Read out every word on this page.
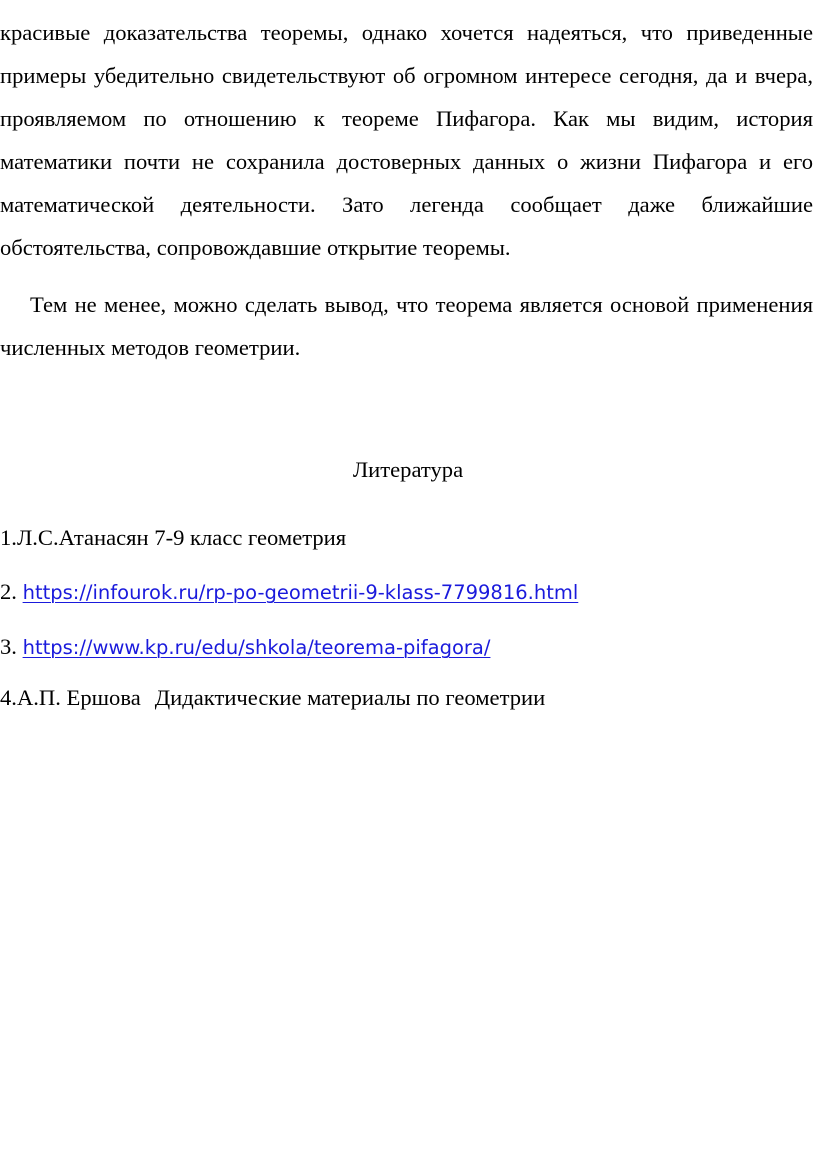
красивые доказательства теоремы, однако хочется надеяться, что приведенные примеры убедительно свидетельствуют об огромном интересе сегодня, да и вчера, проявляемом по отношению к теореме Пифагора. Как мы видим, история математики почти не сохранила достоверных данных о жизни Пифагора и его математической деятельности. Зато легенда сообщает даже ближайшие обстоятельства, сопровождавшие открытие теоремы.

Тем не менее, можно сделать вывод, что теорема является основой применения численных методов геометрии.

Литература
1.Л.С.Атанасян 7-9 класс геометрия
2. https://infourok.ru/rp-po-geometrii-9-klass-7799816.html
3. https://www.kp.ru/edu/shkola/teorema-pifagora/
4.А.П. Ершова Дидактические материалы по геометрии
